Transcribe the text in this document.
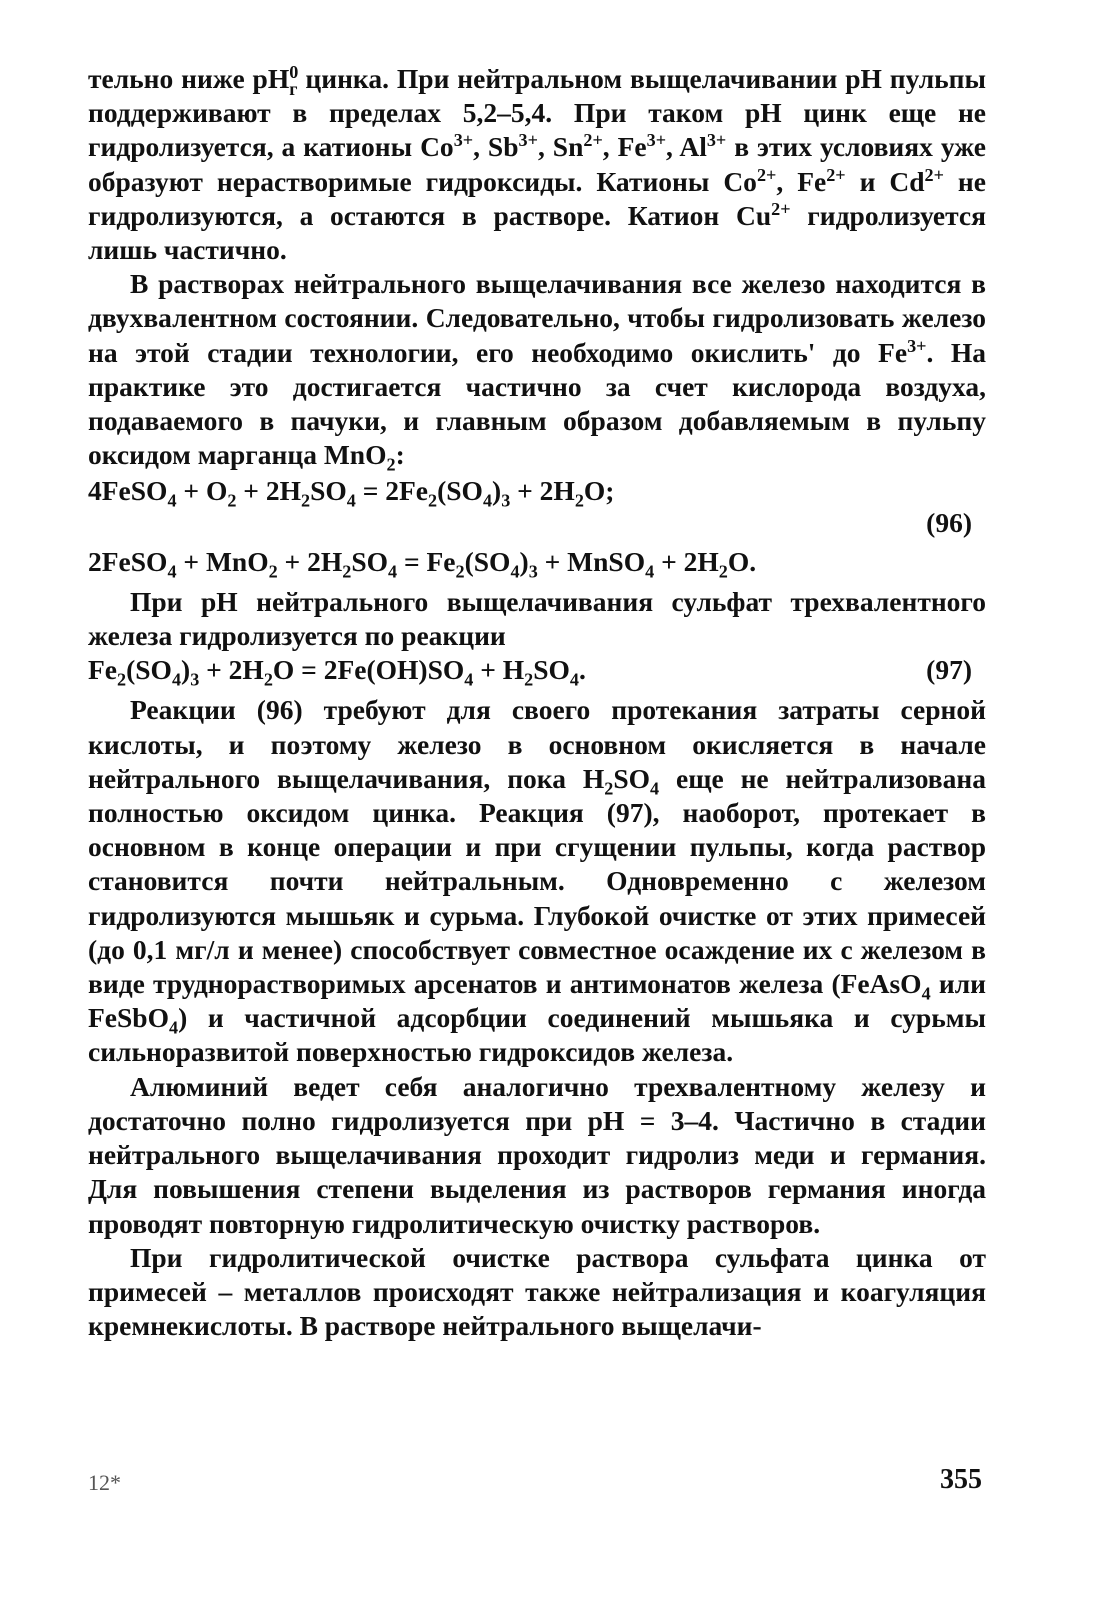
тельно ниже $pH^0_г$ цинка. При нейтральном выщелачивании pH пульпы поддерживают в пределах 5,2–5,4. При таком pH цинк еще не гидролизуется, а катионы $Co^{3+}$, $Sb^{3+}$, $Sn^{2+}$, $Fe^{3+}$, $Al^{3+}$ в этих условиях уже образуют нерастворимые гидроксиды. Катионы $Co^{2+}$, $Fe^{2+}$ и $Cd^{2+}$ не гидролизуются, а остаются в растворе. Катион $Cu^{2+}$ гидролизуется лишь частично.

В растворах нейтрального выщелачивания все железо находится в двухвалентном состоянии. Следовательно, чтобы гидролизовать железо на этой стадии технологии, его необходимо окислить' до $Fe^{3+}$. На практике это достигается частично за счет кислорода воздуха, подаваемого в пачуки, и главным образом добавляемым в пульпу оксидом марганца MnO$_2$:

4FeSO$_4$ + $O_2 + 2H_2SO_4 = 2Fe_2(SO_4)_3 + 2H_2O$;
2FeSO$_4$ + $MnO_2 + 2H_2SO_4 = Fe_2(SO_4)_3$ + MnSO$_4$ + $2H_2O$.
(96)

При pH нейтрального выщелачивания сульфат трехвалентного железа гидролизуется по реакции

$Fe_2(SO_4)_3 + 2H_2O = 2Fe(OH)SO_4 + H_2SO_4$.	(97)

Реакции (96) требуют для своего протекания затраты серной кислоты, и поэтому железо в основном окисляется в начале нейтрального выщелачивания, пока $H_2SO_4$ еще не нейтрализована полностью оксидом цинка. Реакция (97), наоборот, протекает в основном в конце операции и при сгущении пульпы, когда раствор становится почти нейтральным. Одновременно с железом гидролизуются мышьяк и сурьма. Глубокой очистке от этих примесей (до 0,1 мг/л и менее) способствует совместное осаждение их с железом в виде труднорастворимых арсенатов и антимонатов железа (FeAsO$_4$ или FeSbO$_4$) и частичной адсорбции соединений мышьяка и сурьмы сильноразвитой поверхностью гидроксидов железа.

Алюминий ведет себя аналогично трехвалентному железу и достаточно полно гидролизуется при pH = 3–4. Частично в стадии нейтрального выщелачивания проходит гидролиз меди и германия. Для повышения степени выделения из растворов германия иногда проводят повторную гидролитическую очистку растворов.

При гидролитической очистке раствора сульфата цинка от примесей – металлов происходят также нейтрализация и коагуляция кремнекислоты. В растворе нейтрального выщелачи-

12*	355
